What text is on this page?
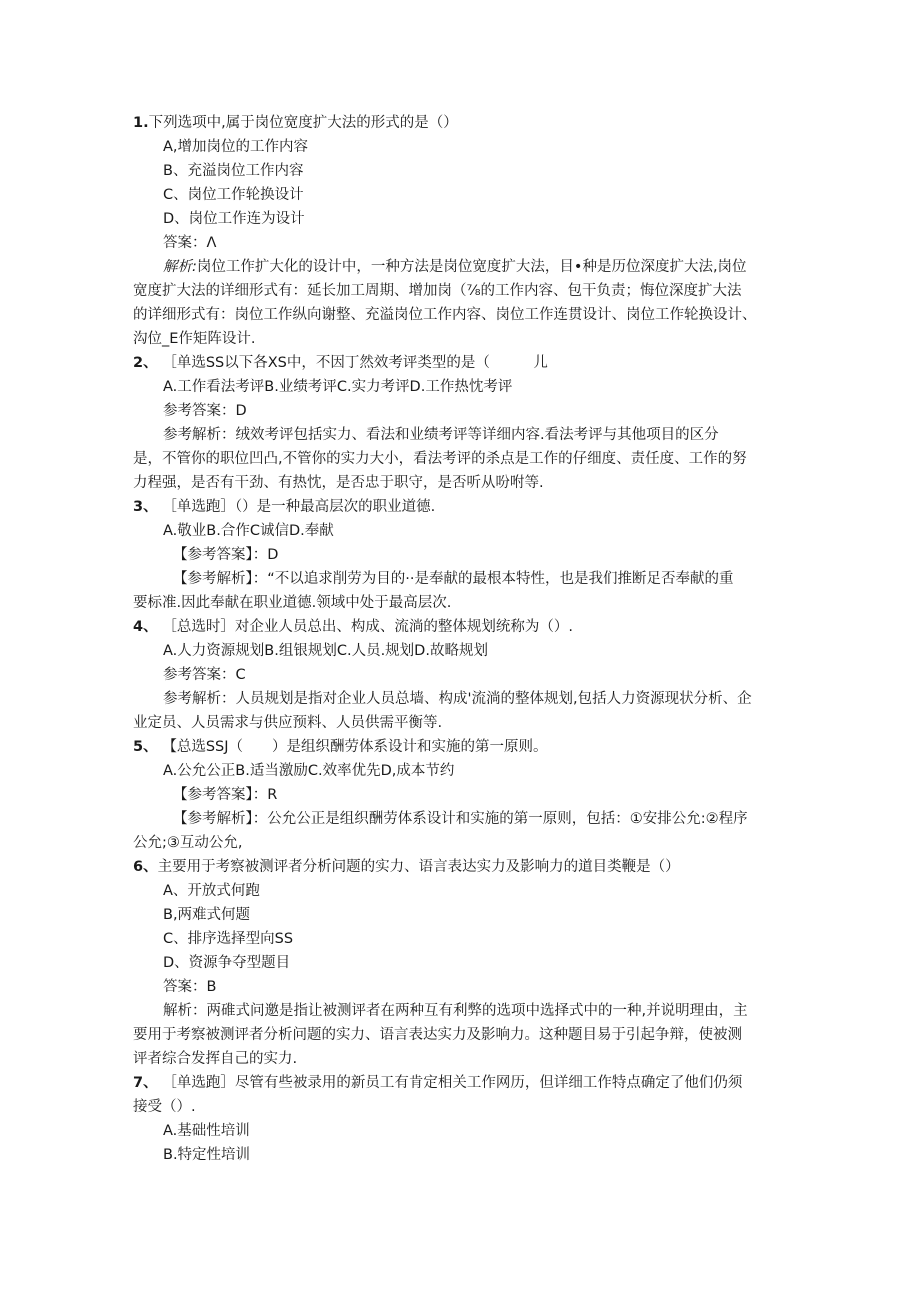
1.下列选项中,属于岗位宽度扩大法的形式的是（）
A,增加岗位的工作内容
B、充溢岗位工作内容
C、岗位工作轮换设计
D、岗位工作连为设计
答案：Λ
解析:岗位工作扩大化的设计中，一种方法是岗位宽度扩大法，目•种是历位深度扩大法,岗位
宽度扩大法的详细形式有：延长加工周期、增加岗（⅞的工作内容、包干负责；悔位深度扩大法
的详细形式有：岗位工作纵向谢整、充溢岗位工作内容、岗位工作连贯设计、岗位工作轮换设计、
沟位_E作矩阵设计.
2、 ［单选SS以下各XS中，不因丁然效考评类型的是（　　　儿
A.工作看法考评B.业绩考评C.实力考评D.工作热忱考评
参考答案：D
参考解析：绒效考评包括实力、看法和业绩考评等详细内容.看法考评与其他项目的区分
是，不管你的职位凹凸,不管你的实力大小，看法考评的杀点是工作的仔细度、责任度、工作的努
力程强，是否有干劲、有热忱，是否忠于职守，是否听从吩咐等.
3、 ［单选跑］（）是一种最高层次的职业道德.
A.敬业B.合作C诚信D.奉献
【参考答案】：D
【参考解析】：“不以追求削劳为目的··是奉献的最根本特性，也是我们推断足否奉献的重
要标准.因此奉献在职业道德.领域中处于最高层次.
4、 ［总选时］对企业人员总出、构成、流淌的整体规划统称为（）.
A.人力资源规划B.组银规划C.人员.规划D.故略规划
参考答案：C
参考解析：人员规划是指对企业人员总墙、构成'流淌的整体规划,包括人力资源现状分析、企
业定员、人员需求与供应预料、人员供需平衡等.
5、 【总选SSJ（　　）是组织酬劳体系设计和实施的第一原则。
A.公允公正B.适当激励C.效率优先D,成本节约
【参考答案】：R
【参考解析】：公允公正是组织酬劳体系设计和实施的第一原则，包括：①安排公允:②程序
公允;③互动公允,
6、主要用于考察被测评者分析问题的实力、语言表达实力及影响力的道目类鞭是（）
A、开放式何跑
B,两难式何题
C、排序选择型向SS
D、资源争夺型题目
答案：B
解析：两碓式问邀是指让被测评者在两种互有利弊的选项中选择式中的一种,并说明理由，主
要用于考察被测评者分析问题的实力、语言表达实力及影响力。这种题目易于引起争辩，使被测
评者综合发挥自己的实力.
7、 ［单选跑］尽管有些被录用的新员工有肯定相关工作网历，但详细工作特点确定了他们仍须
接受（）.
A.基础性培训
B.特定性培训
